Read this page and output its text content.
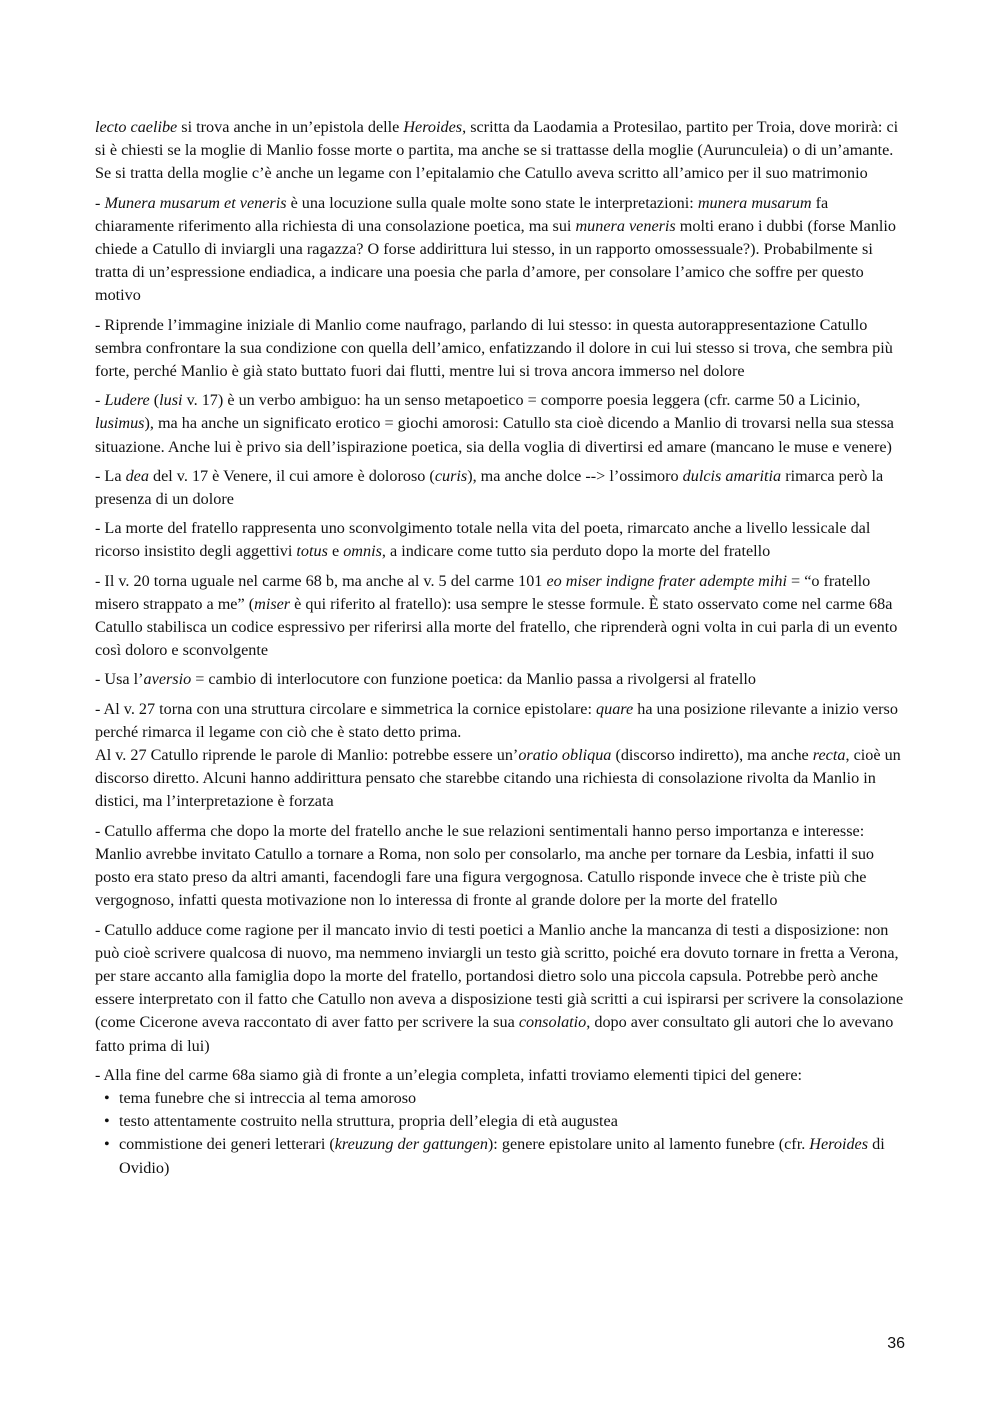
lecto caelibe si trova anche in un’epistola delle Heroides, scritta da Laodamia a Protesilao, partito per Troia, dove morirà: ci si è chiesti se la moglie di Manlio fosse morte o partita, ma anche se si trattasse della moglie (Aurunculeia) o di un’amante. Se si tratta della moglie c’è anche un legame con l’epitalamio che Catullo aveva scritto all’amico per il suo matrimonio

- Munera musarum et veneris è una locuzione sulla quale molte sono state le interpretazioni: munera musarum fa chiaramente riferimento alla richiesta di una consolazione poetica, ma sui munera veneris molti erano i dubbi (forse Manlio chiede a Catullo di inviargli una ragazza? O forse addirittura lui stesso, in un rapporto omossessuale?). Probabilmente si tratta di un’espressione endiadica, a indicare una poesia che parla d’amore, per consolare l’amico che soffre per questo motivo

- Riprende l’immagine iniziale di Manlio come naufrago, parlando di lui stesso: in questa autorappresentazione Catullo sembra confrontare la sua condizione con quella dell’amico, enfatizzando il dolore in cui lui stesso si trova, che sembra più forte, perché Manlio è già stato buttato fuori dai flutti, mentre lui si trova ancora immerso nel dolore

- Ludere (lusi v. 17) è un verbo ambiguo: ha un senso metapoetico = comporre poesia leggera (cfr. carme 50 a Licinio, lusimus), ma ha anche un significato erotico = giochi amorosi: Catullo sta cioè dicendo a Manlio di trovarsi nella sua stessa situazione. Anche lui è privo sia dell’ispirazione poetica, sia della voglia di divertirsi ed amare (mancano le muse e venere)

- La dea del v. 17 è Venere, il cui amore è doloroso (curis), ma anche dolce --> l’ossimoro dulcis amaritia rimarca però la presenza di un dolore

- La morte del fratello rappresenta uno sconvolgimento totale nella vita del poeta, rimarcato anche a livello lessicale dal ricorso insistito degli aggettivi totus e omnis, a indicare come tutto sia perduto dopo la morte del fratello

- Il v. 20 torna uguale nel carme 68 b, ma anche al v. 5 del carme 101 eo miser indigne frater adempte mihi = “o fratello misero strappato a me” (miser è qui riferito al fratello): usa sempre le stesse formule. È stato osservato come nel carme 68a Catullo stabilisca un codice espressivo per riferirsi alla morte del fratello, che riprenderà ogni volta in cui parla di un evento così doloro e sconvolgente

- Usa l’aversio = cambio di interlocutore con funzione poetica: da Manlio passa a rivolgersi al fratello

- Al v. 27 torna con una struttura circolare e simmetrica la cornice epistolare: quare ha una posizione rilevante a inizio verso perché rimarca il legame con ciò che è stato detto prima.
Al v. 27 Catullo riprende le parole di Manlio: potrebbe essere un’oratio obliqua (discorso indiretto), ma anche recta, cioè un discorso diretto. Alcuni hanno addirittura pensato che starebbe citando una richiesta di consolazione rivolta da Manlio in distici, ma l’interpretazione è forzata

- Catullo afferma che dopo la morte del fratello anche le sue relazioni sentimentali hanno perso importanza e interesse: Manlio avrebbe invitato Catullo a tornare a Roma, non solo per consolarlo, ma anche per tornare da Lesbia, infatti il suo posto era stato preso da altri amanti, facendogli fare una figura vergognosa. Catullo risponde invece che è triste più che vergognoso, infatti questa motivazione non lo interessa di fronte al grande dolore per la morte del fratello

- Catullo adduce come ragione per il mancato invio di testi poetici a Manlio anche la mancanza di testi a disposizione: non può cioè scrivere qualcosa di nuovo, ma nemmeno inviargli un testo già scritto, poiché era dovuto tornare in fretta a Verona, per stare accanto alla famiglia dopo la morte del fratello, portandosi dietro solo una piccola capsula. Potrebbe però anche essere interpretato con il fatto che Catullo non aveva a disposizione testi già scritti a cui ispirarsi per scrivere la consolazione (come Cicerone aveva raccontato di aver fatto per scrivere la sua consolatio, dopo aver consultato gli autori che lo avevano fatto prima di lui)

- Alla fine del carme 68a siamo già di fronte a un’elegia completa, infatti troviamo elementi tipici del genere:

• tema funebre che si intreccia al tema amoroso
• testo attentamente costruito nella struttura, propria dell’elegia di età augustea
• commistione dei generi letterari (kreuzung der gattungen): genere epistolare unito al lamento funebre (cfr. Heroides di Ovidio)
36
